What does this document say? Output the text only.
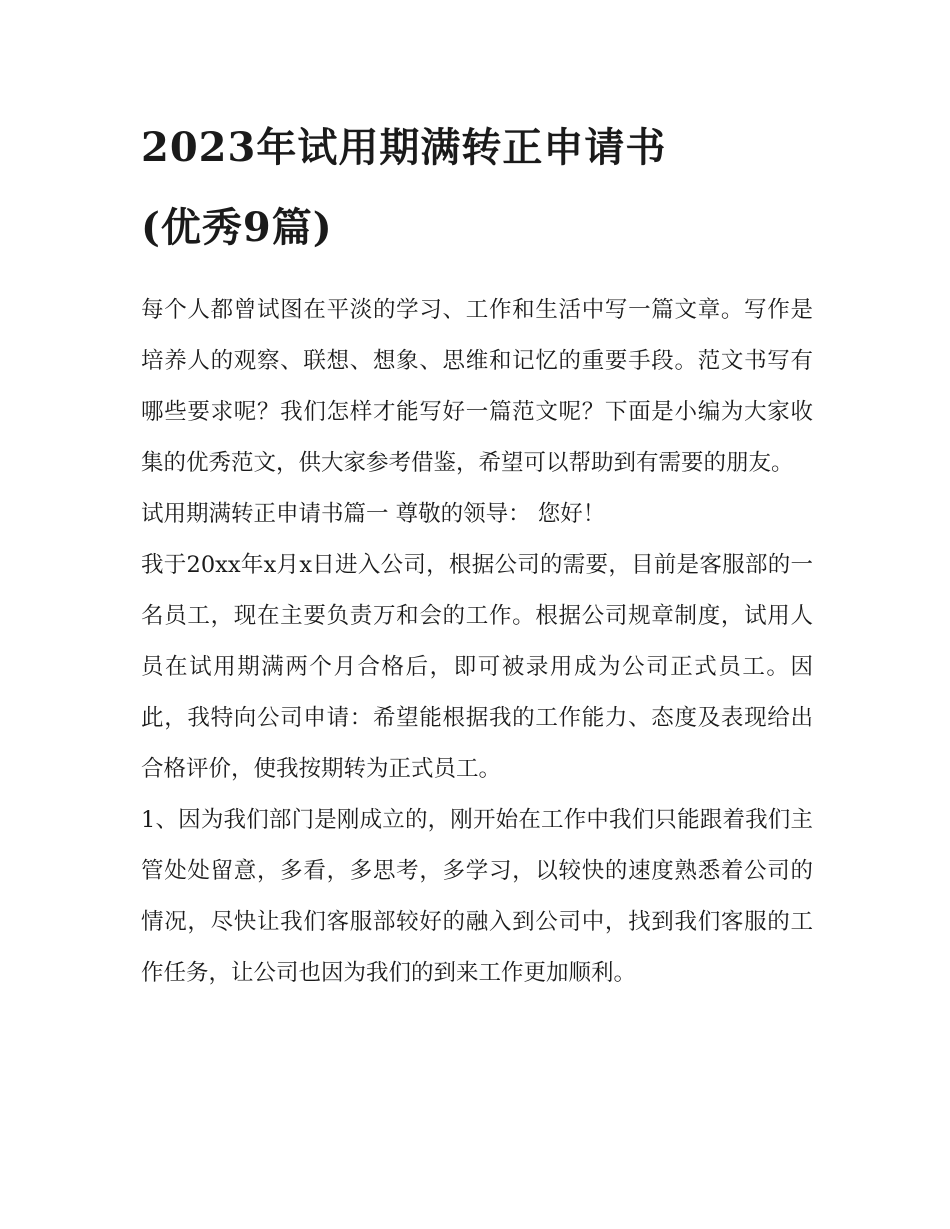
2023年试用期满转正申请书
(优秀9篇)

每个人都曾试图在平淡的学习、工作和生活中写一篇文章。写作是培养人的观察、联想、想象、思维和记忆的重要手段。范文书写有哪些要求呢？我们怎样才能写好一篇范文呢？下面是小编为大家收集的优秀范文，供大家参考借鉴，希望可以帮助到有需要的朋友。

试用期满转正申请书篇一 尊敬的领导： 您好！

我于20xx年x月x日进入公司，根据公司的需要，目前是客服部的一名员工，现在主要负责万和会的工作。根据公司规章制度，试用人员在试用期满两个月合格后，即可被录用成为公司正式员工。因此，我特向公司申请：希望能根据我的工作能力、态度及表现给出合格评价，使我按期转为正式员工。

1、因为我们部门是刚成立的，刚开始在工作中我们只能跟着我们主管处处留意，多看，多思考，多学习，以较快的速度熟悉着公司的情况，尽快让我们客服部较好的融入到公司中，找到我们客服的工作任务，让公司也因为我们的到来工作更加顺利。
